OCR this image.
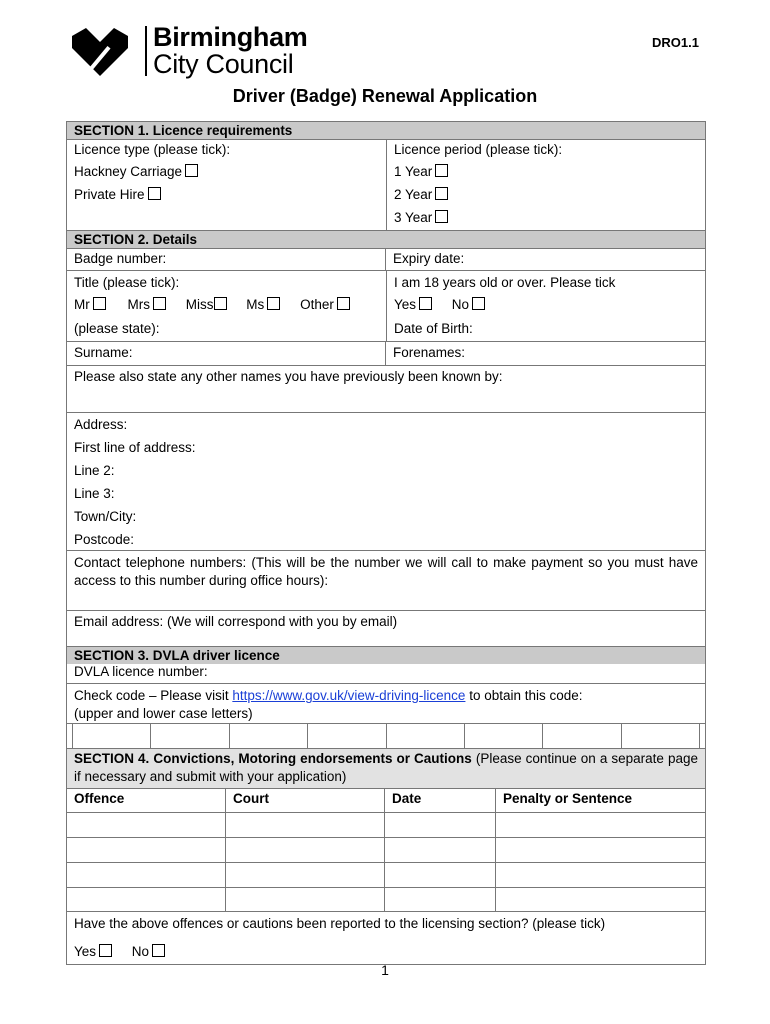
Birmingham
City Council
DRO1.1
Driver (Badge) Renewal Application
SECTION 1. Licence requirements
Licence type (please tick):
Hackney Carriage
Private Hire
Licence period (please tick):
1 Year
2 Year
3 Year
SECTION 2. Details
Badge number:	Expiry date:
Title (please tick):
Mr	Mrs	Miss Ms	Other
(please state):
I am 18 years old or over. Please tick
Yes	No
Date of Birth:
Surname:	Forenames:
Please also state any other names you have previously been known by:
Address:
First line of address:
Line 2:
Line 3:
Town/City:
Postcode:
Contact telephone numbers: (This will be the number we will call to make payment so you must have access to this number during office hours):
Email address: (We will correspond with you by email)
SECTION 3. DVLA driver licence
DVLA licence number:
Check code – Please visit https://www.gov.uk/view-driving-licence to obtain this code:
(upper and lower case letters)
SECTION 4. Convictions, Motoring endorsements or Cautions (Please continue on a separate page if necessary and submit with your application)
Offence	Court	Date	Penalty or Sentence
Have the above offences or cautions been reported to the licensing section? (please tick)
Yes	No
1
